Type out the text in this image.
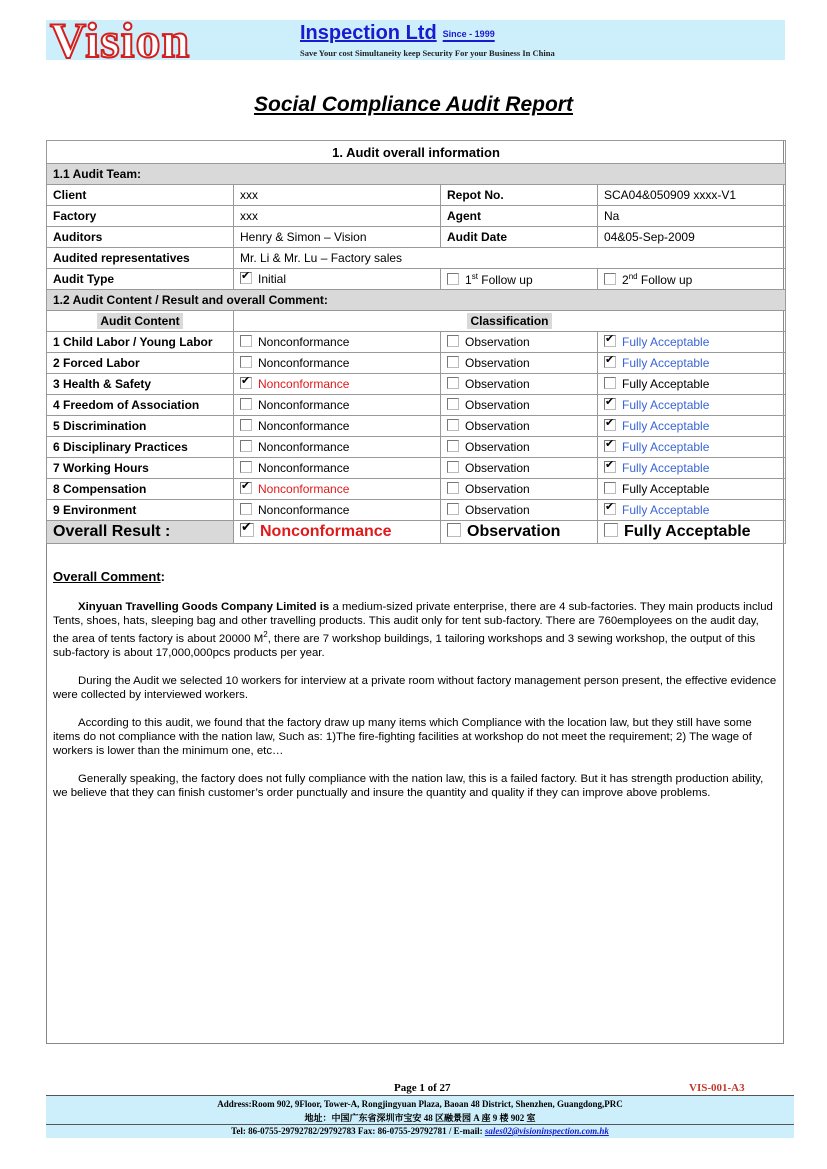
Vision	Inspection Ltd Since - 1999
Save Your cost Simultaneity keep Security For your Business In China
Social Compliance Audit Report
1. Audit overall information			
1.1 Audit Team:			
Client	xxx	Repot No.	SCA04&050909 xxxx-V1
Factory	xxx	Agent	Na
Auditors	Henry & Simon – Vision	Audit Date	04&05-Sep-2009
Audited representatives	Mr. Li & Mr. Lu – Factory sales		
Audit Type	✔Initial	1st Follow up	2nd Follow up
1.2 Audit Content / Result and overall Comment:			
Audit Content	Classification		
1 Child Labor / Young Labor	Nonconformance	Observation	✔Fully Acceptable
2 Forced Labor	Nonconformance	Observation	✔Fully Acceptable
3 Health & Safety	✔Nonconformance	Observation	Fully Acceptable
4 Freedom of Association	Nonconformance	Observation	✔Fully Acceptable
5 Discrimination	Nonconformance	Observation	✔Fully Acceptable
6 Disciplinary Practices	Nonconformance	Observation	✔Fully Acceptable
7 Working Hours	Nonconformance	Observation	✔Fully Acceptable
8 Compensation	✔Nonconformance	Observation	Fully Acceptable
9 Environment	Nonconformance	Observation	✔Fully Acceptable
Overall Result :	✔Nonconformance	Observation	Fully Acceptable
Overall Comment:

Xinyuan Travelling Goods Company Limited is a medium-sized private enterprise, there are 4 sub-factories. They main products includ Tents, shoes, hats, sleeping bag and other travelling products. This audit only for tent sub-factory. There are 760employees on the audit day, the area of tents factory is about 20000 $M^2$, there are 7 workshop buildings, 1 tailoring workshops and 3 sewing workshop, the output of this sub-factory is about 17,000,000pcs products per year.

During the Audit we selected 10 workers for interview at a private room without factory management person present, the effective evidence were collected by interviewed workers.

According to this audit, we found that the factory draw up many items which Compliance with the location law, but they still have some items do not compliance with the nation law, Such as: 1)The fire-fighting facilities at workshop do not meet the requirement; 2) The wage of workers is lower than the minimum one, etc…

Generally speaking, the factory does not fully compliance with the nation law, this is a failed factory. But it has strength production ability, we believe that they can finish customer’s order punctually and insure the quantity and quality if they can improve above problems.

Page 1 of 27	VIS-001-A3
Address:Room 902, 9Floor, Tower-A, Rongjingyuan Plaza, Baoan 48 District, Shenzhen, Guangdong,PRC
地址：中国广东省深圳市宝安 48 区融景园 A 座 9 楼 902 室
Tel: 86-0755-29792782/29792783 Fax: 86-0755-29792781 / E-mail: sales02@visioninspection.com.hk
